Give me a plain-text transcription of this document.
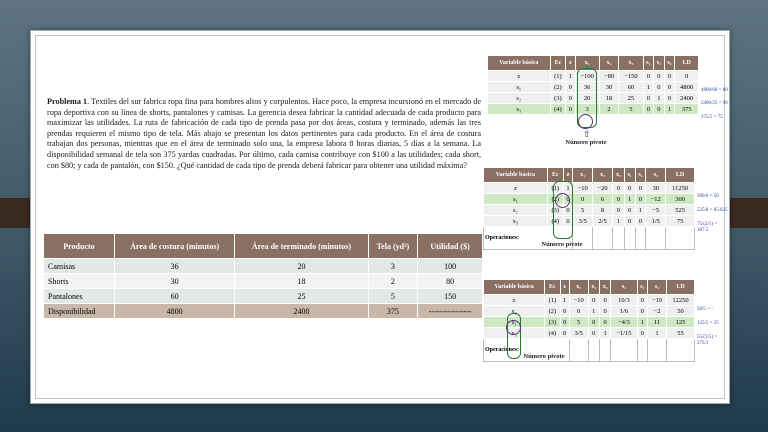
Problema 1. Textiles del sur fabrica ropa fina para hombres altos y corpulentos. Hace poco, la empresa incursionó en el mercado de ropa deportiva con su línea de shorts, pantalones y camisas. La gerencia desea fabricar la cantidad adecuada de cada producto para maximizar las utilidades. La ruta de fabricación de cada tipo de prenda pasa por dos áreas, costura y terminado, además las tres prendas requieren el mismo tipo de tela. Más abajo se presentan los datos pertinentes para cada producto. En el área de costura trabajan dos personas, mientras que en el área de terminado solo una, la empresa labora 8 horas diarias, 5 días a la semana. La disponibilidad semanal de tela son 375 yardas cuadradas. Por último, cada camisa contribuye con $100 a las utilidades; cada short, con $80; y cada de pantalón, con $150. ¿Qué cantidad de cada tipo de prenda deberá fabricar para obtener una utilidad máxima?
Producto	Área de costura (minutos)	Área de terminado (minutos)	Tela (yd²)	Utilidad ($)
Camisas	36	20	3	100
Shorts	30	18	2	80
Pantalones	60	25	5	150
Disponibilidad	4800	2400	375	----------------
Variable básica	Ec	z	x₁	x₂	x₃	s₁	s₂	s₃	LD
z	(1)	1	−100	−80	−150	0	0	0	0
s₁	(2)	0	36	30	60	1	0	0	4800
s₂	(3)	0	20	18	25	0	1	0	2400
s₃	(4)	0	3	2	5	0	0	1	375
⇧
Número pivote
4800/60 = 80
2400/25 = 96
375/5 = 75
Variable básica	Ec	z	x₁	x₂	x₃	s₁	s₂	s₃	LD
z	(1)	1	−10	−20	0	0	0	30	11250
s₁	(2)	0	0	6	0	1	0	−12	300
s₂	(3)	0	5	8	0	0	1	−5	525
x₃	(4)	0	3/5	2/5	1	0	0	1/5	75
Operaciones:									
Número pivote
300/6 = 50
525/8 = 65.625
75/(2/5) = 187.5
Variable básica	Ec	z	x₁	x₂	x₃	s₁	s₂	s₃	LD
z	(1)	1	−10	0	0	10/3	0	−10	12250
x₂	(2)	0	0	1	0	1/6	0	−2	50
s₂	(3)	0	5	0	0	−4/3	1	11	125
x₃	(4)	0	3/5	0	1	−1/15	0	1	55
Operaciones:									
Número pivote
50/5 = −
125/5 = 25
55/(3/5) = 275/3
